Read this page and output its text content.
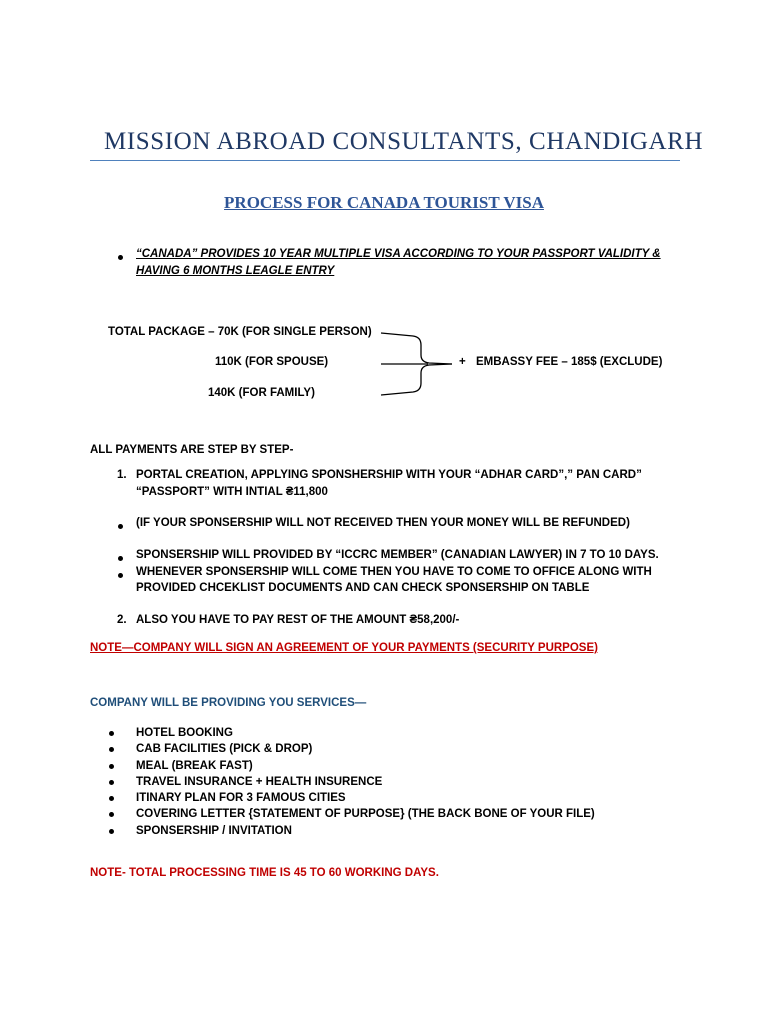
MISSION ABROAD CONSULTANTS, CHANDIGARH
PROCESS FOR CANADA TOURIST VISA
“CANADA” PROVIDES 10 YEAR MULTIPLE VISA ACCORDING TO YOUR PASSPORT VALIDITY &
HAVING 6 MONTHS LEAGLE ENTRY
TOTAL PACKAGE – 70K (FOR SINGLE PERSON)
110K (FOR SPOUSE)
140K (FOR FAMILY)
+ EMBASSY FEE – 185$ (EXCLUDE)
ALL PAYMENTS ARE STEP BY STEP-
1. PORTAL CREATION, APPLYING SPONSHERSHIP WITH YOUR “ADHAR CARD”,” PAN CARD”
“PASSPORT” WITH INTIAL ₴11,800
(IF YOUR SPONSERSHIP WILL NOT RECEIVED THEN YOUR MONEY WILL BE REFUNDED)
SPONSERSHIP WILL PROVIDED BY “ICCRC MEMBER” (CANADIAN LAWYER) IN 7 TO 10 DAYS.
WHENEVER SPONSERSHIP WILL COME THEN YOU HAVE TO COME TO OFFICE ALONG WITH
PROVIDED CHCEKLIST DOCUMENTS AND CAN CHECK SPONSERSHIP ON TABLE
2. ALSO YOU HAVE TO PAY REST OF THE AMOUNT ₴58,200/-
NOTE—COMPANY WILL SIGN AN AGREEMENT OF YOUR PAYMENTS (SECURITY PURPOSE)
COMPANY WILL BE PROVIDING YOU SERVICES—
HOTEL BOOKING
CAB FACILITIES (PICK & DROP)
MEAL (BREAK FAST)
TRAVEL INSURANCE + HEALTH INSURENCE
ITINARY PLAN FOR 3 FAMOUS CITIES
COVERING LETTER {STATEMENT OF PURPOSE} (THE BACK BONE OF YOUR FILE)
SPONSERSHIP / INVITATION
NOTE- TOTAL PROCESSING TIME IS 45 TO 60 WORKING DAYS.
